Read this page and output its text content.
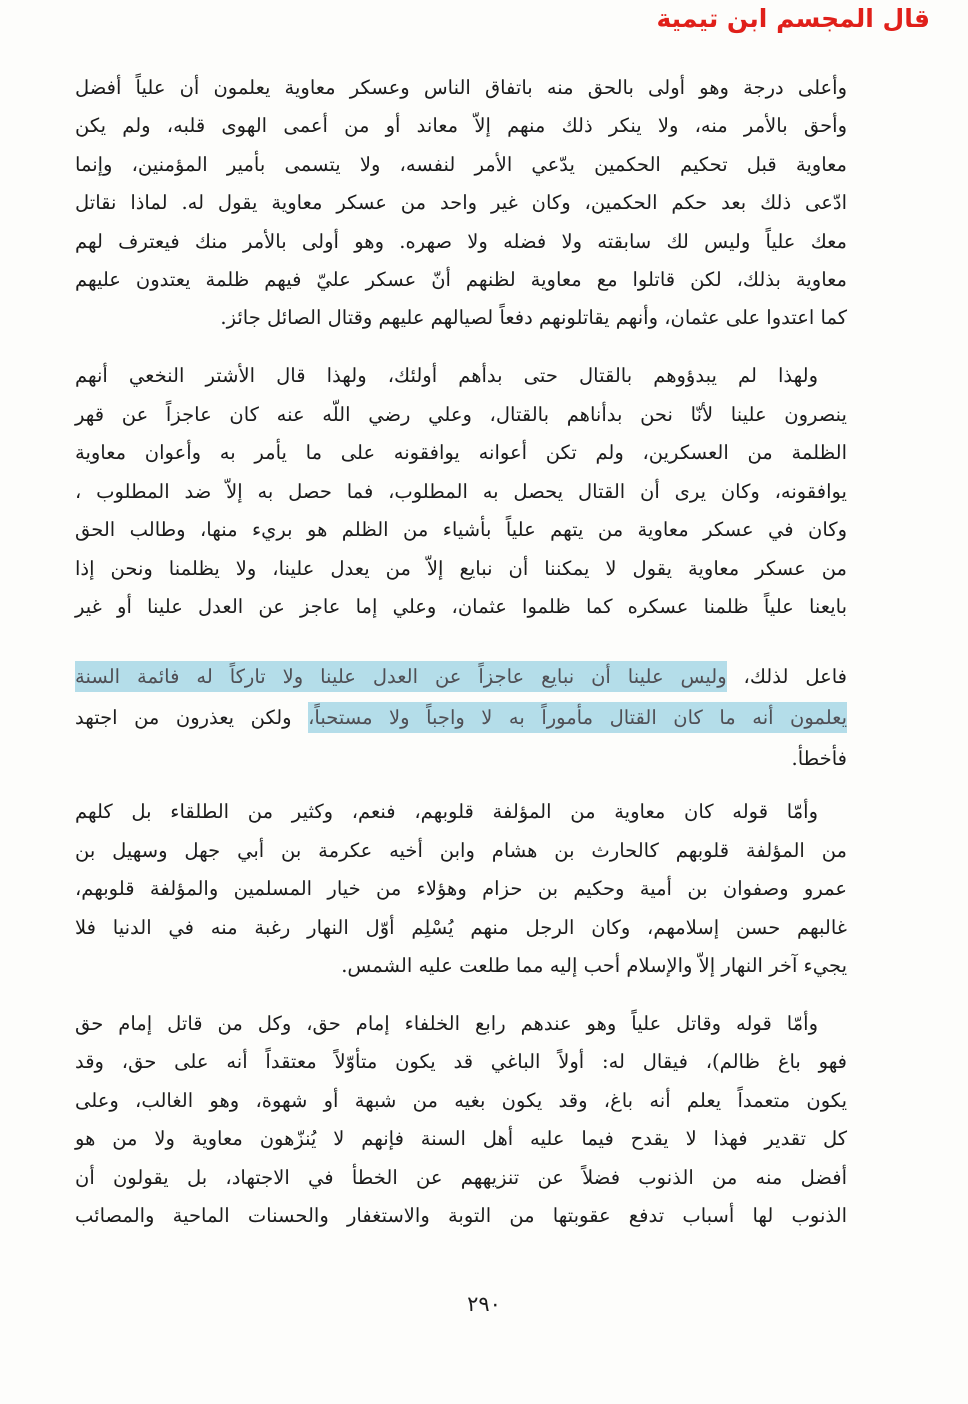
قال المجسم ابن تيمية
وأعلى درجة وهو أولى بالحق منه باتفاق الناس وعسكر معاوية يعلمون أن علياً أفضل
وأحق بالأمر منه، ولا ينكر ذلك منهم إلاّ معاند أو من أعمى الهوى قلبه، ولم يكن
معاوية قبل تحكيم الحكمين يدّعي الأمر لنفسه، ولا يتسمى بأمير المؤمنين، وإنما
ادّعى ذلك بعد حكم الحكمين، وكان غير واحد من عسكر معاوية يقول له. لماذا نقاتل
معك علياً وليس لك سابقته ولا فضله ولا صهره. وهو أولى بالأمر منك فيعترف لهم
معاوية بذلك، لكن قاتلوا مع معاوية لظنهم أنّ عسكر عليّ فيهم ظلمة يعتدون عليهم
كما اعتدوا على عثمان، وأنهم يقاتلونهم دفعاً لصيالهم عليهم وقتال الصائل جائز.
ولهذا لم يبدؤوهم بالقتال حتى بدأهم أولئك، ولهذا قال الأشتر النخعي أنهم
ينصرون علينا لأنّا نحن بدأناهم بالقتال، وعلي رضي اللّه عنه كان عاجزاً عن قهر
الظلمة من العسكرين، ولم تكن أعوانه يوافقونه على ما يأمر به وأعوان معاوية
يوافقونه، وكان يرى أن القتال يحصل به المطلوب، فما حصل به إلاّ ضد المطلوب ،
وكان في عسكر معاوية من يتهم علياً بأشياء من الظلم هو بريء منها، وطالب الحق
من عسكر معاوية يقول لا يمكننا أن نبايع إلاّ من يعدل علينا، ولا يظلمنا ونحن إذا
بايعنا علياً ظلمنا عسكره كما ظلموا عثمان، وعلي إما عاجز عن العدل علينا أو غير
فاعل لذلك، وليس علينا أن نبايع عاجزاً عن العدل علينا ولا تاركاً له فائمة السنة
يعلمون أنه ما كان القتال مأموراً به لا واجباً ولا مستحباً، ولكن يعذرون من اجتهد
فأخطأ.
وأمّا قوله كان معاوية من المؤلفة قلوبهم، فنعم، وكثير من الطلقاء بل كلهم
من المؤلفة قلوبهم كالحارث بن هشام وابن أخيه عكرمة بن أبي جهل وسهيل بن
عمرو وصفوان بن أمية وحكيم بن حزام وهؤلاء من خيار المسلمين والمؤلفة قلوبهم،
غالبهم حسن إسلامهم، وكان الرجل منهم يُسْلِم أوّل النهار رغبة منه في الدنيا فلا
يجيء آخر النهار إلاّ والإسلام أحب إليه مما طلعت عليه الشمس.
وأمّا قوله وقاتل علياً وهو عندهم رابع الخلفاء إمام حق، وكل من قاتل إمام حق
فهو باغ ظالم)، فيقال له: أولاً الباغي قد يكون متأوّلاً معتقداً أنه على حق، وقد
يكون متعمداً يعلم أنه باغ، وقد يكون بغيه من شبهة أو شهوة، وهو الغالب، وعلى
كل تقدير فهذا لا يقدح فيما عليه أهل السنة فإنهم لا يُنزّهون معاوية ولا من هو
أفضل منه من الذنوب فضلاً عن تنزيههم عن الخطأ في الاجتهاد، بل يقولون أن
الذنوب لها أسباب تدفع عقوبتها من التوبة والاستغفار والحسنات الماحية والمصائب
٢٩٠
